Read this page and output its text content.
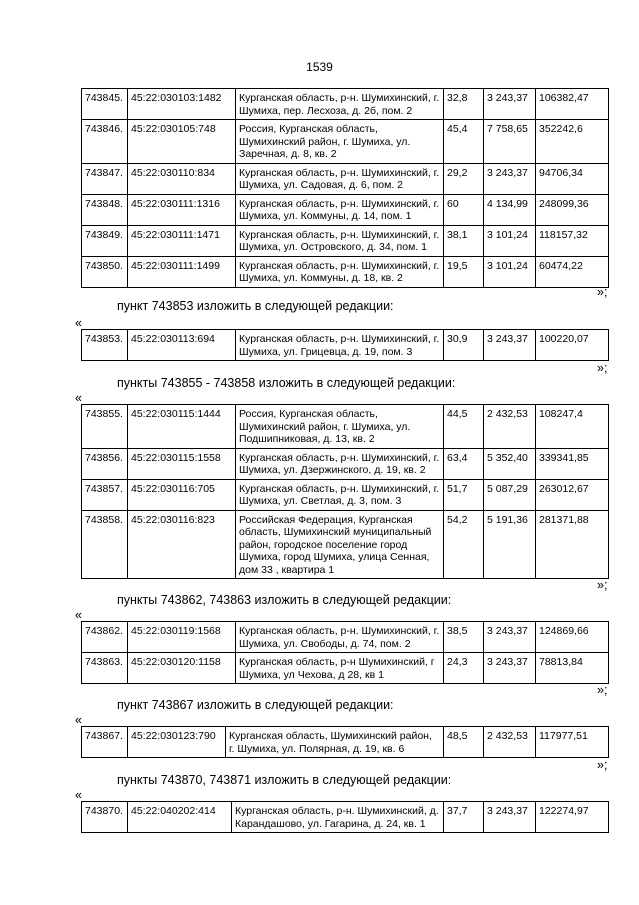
1539
743845.	45:22:030103:1482	Курганская область, р-н. Шумихинский, г. Шумиха, пер. Лесхоза, д. 2б, пом. 2	32,8	3 243,37	106382,47
743846.	45:22:030105:748	Россия, Курганская область, Шумихинский район, г. Шумиха, ул. Заречная, д. 8, кв. 2	45,4	7 758,65	352242,6
743847.	45:22:030110:834	Курганская область, р-н. Шумихинский, г. Шумиха, ул. Садовая, д. 6, пом. 2	29,2	3 243,37	94706,34
743848.	45:22:030111:1316	Курганская область, р-н. Шумихинский, г. Шумиха, ул. Коммуны, д. 14, пом. 1	60	4 134,99	248099,36
743849.	45:22:030111:1471	Курганская область, р-н. Шумихинский, г. Шумиха, ул. Островского, д. 34, пом. 1	38,1	3 101,24	118157,32
743850.	45:22:030111:1499	Курганская область, р-н. Шумихинский, г. Шумиха, ул. Коммуны, д. 18, кв. 2	19,5	3 101,24	60474,22
»;
пункт 743853 изложить в следующей редакции:
«
743853.	45:22:030113:694	Курганская область, р-н. Шумихинский, г. Шумиха, ул. Грицевца, д. 19, пом. 3	30,9	3 243,37	100220,07
»;
пункты 743855 - 743858 изложить в следующей редакции:
«
743855.	45:22:030115:1444	Россия, Курганская область, Шумихинский район, г. Шумиха, ул. Подшипниковая, д. 13, кв. 2	44,5	2 432,53	108247,4
743856.	45:22:030115:1558	Курганская область, р-н. Шумихинский, г. Шумиха, ул. Дзержинского, д. 19, кв. 2	63,4	5 352,40	339341,85
743857.	45:22:030116:705	Курганская область, р-н. Шумихинский, г. Шумиха, ул. Светлая, д. 3, пом. 3	51,7	5 087,29	263012,67
743858.	45:22:030116:823	Российская Федерация, Курганская область, Шумихинский муниципальный район, городское поселение город Шумиха, город Шумиха, улица Сенная, дом 33 , квартира 1	54,2	5 191,36	281371,88
»;
пункты 743862, 743863 изложить в следующей редакции:
«
743862.	45:22:030119:1568	Курганская область, р-н. Шумихинский, г. Шумиха, ул. Свободы, д. 74, пом. 2	38,5	3 243,37	124869,66
743863.	45:22:030120:1158	Курганская область, р-н Шумихинский, г Шумиха, ул Чехова, д 28, кв 1	24,3	3 243,37	78813,84
»;
пункт 743867 изложить в следующей редакции:
«
743867.	45:22:030123:790	Курганская область, Шумихинский район, г. Шумиха, ул. Полярная, д. 19, кв. 6	48,5	2 432,53	117977,51
»;
пункты 743870, 743871 изложить в следующей редакции:
«
743870.	45:22:040202:414	Курганская область, р-н. Шумихинский, д. Карандашово, ул. Гагарина, д. 24, кв. 1	37,7	3 243,37	122274,97
